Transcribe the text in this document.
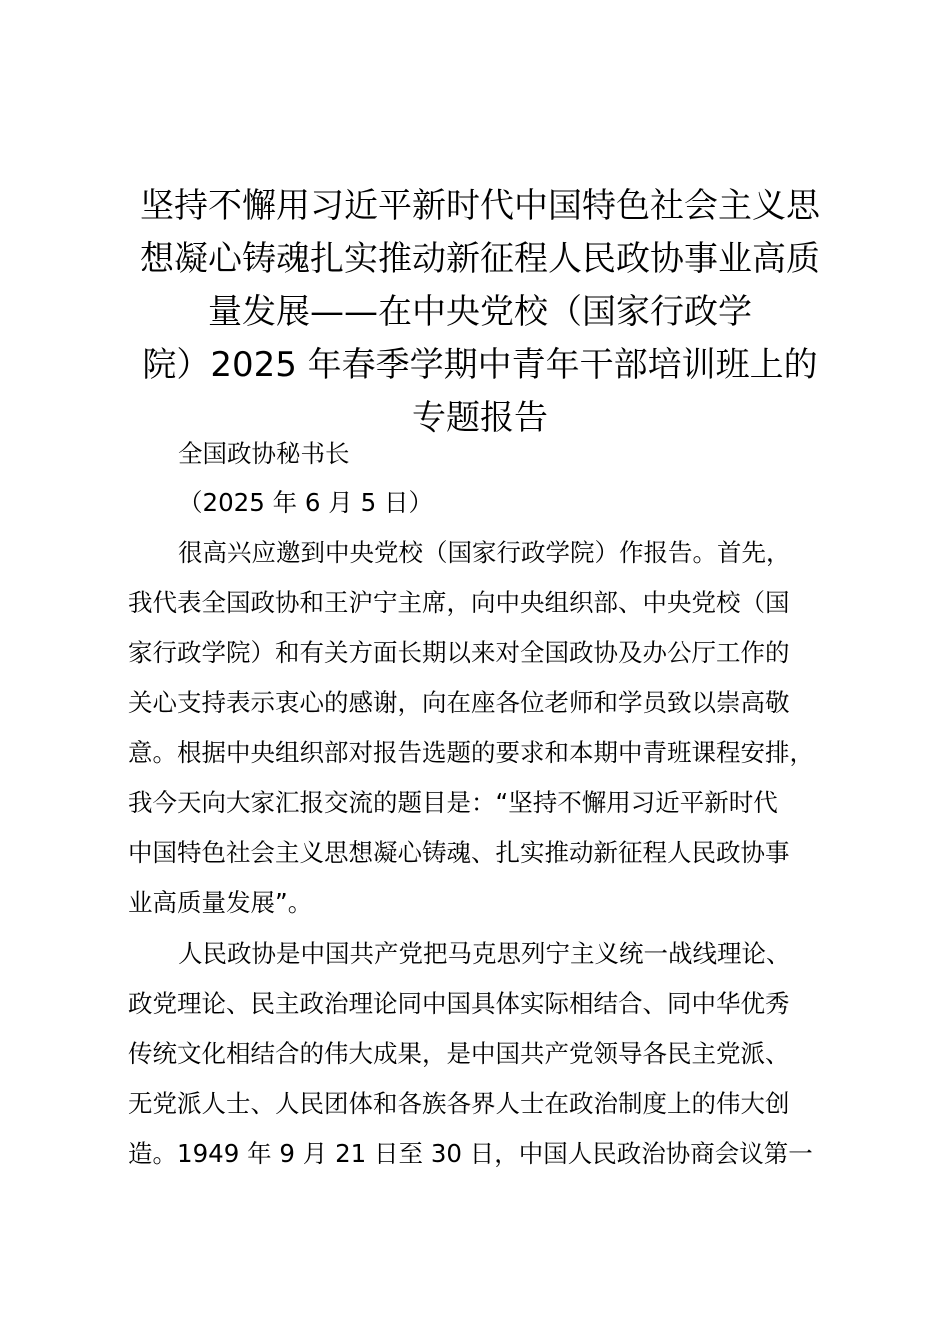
坚持不懈用习近平新时代中国特色社会主义思
想凝心铸魂扎实推动新征程人民政协事业高质
量发展——在中央党校（国家行政学
院）2025 年春季学期中青年干部培训班上的
专题报告
全国政协秘书长
（2025 年 6 月 5 日）
很高兴应邀到中央党校（国家行政学院）作报告。首先，
我代表全国政协和王沪宁主席，向中央组织部、中央党校（国
家行政学院）和有关方面长期以来对全国政协及办公厅工作的
关心支持表示衷心的感谢，向在座各位老师和学员致以崇高敬
意。根据中央组织部对报告选题的要求和本期中青班课程安排，
我今天向大家汇报交流的题目是：“坚持不懈用习近平新时代
中国特色社会主义思想凝心铸魂、扎实推动新征程人民政协事
业高质量发展”。
人民政协是中国共产党把马克思列宁主义统一战线理论、
政党理论、民主政治理论同中国具体实际相结合、同中华优秀
传统文化相结合的伟大成果，是中国共产党领导各民主党派、
无党派人士、人民团体和各族各界人士在政治制度上的伟大创
造。1949 年 9 月 21 日至 30 日，中国人民政治协商会议第一
